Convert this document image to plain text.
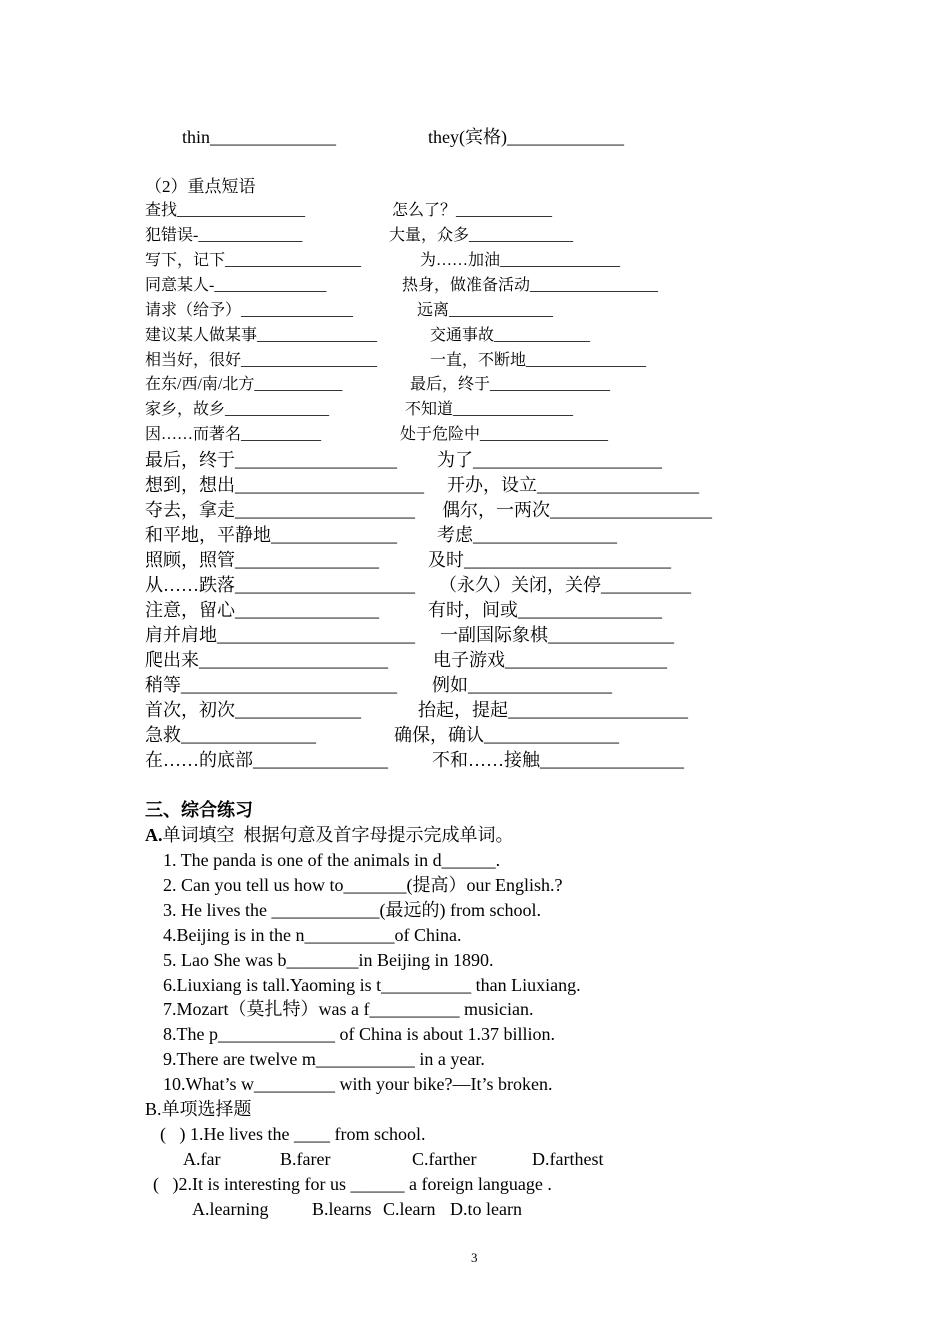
thin______________	they(宾格)_____________
（2）重点短语
查找________________	怎么了？____________
犯错误-_____________	大量，众多_____________
写下，记下_________________	为……加油_______________
同意某人-______________	热身，做准备活动________________
请求（给予）______________	远离_____________
建议某人做某事_______________	交通事故____________
相当好，很好_________________	一直，不断地_______________
在东/西/南/北方___________	最后，终于_______________
家乡，故乡_____________	不知道_______________
因……而著名__________	处于危险中________________
最后，终于__________________ 为了_____________________
想到，想出_____________________ 开办，设立__________________
夺去，拿走____________________ 偶尔，一两次__________________
和平地，平静地______________ 考虑________________
照顾，照管________________	及时_______________________
从……跌落____________________ （永久）关闭，关停__________
注意，留心________________	有时，间或________________
肩并肩地______________________ 一副国际象棋______________
爬出来_____________________	电子游戏__________________
稍等________________________ 例如________________
首次，初次______________	抬起，提起____________________
急救_______________	确保，确认_______________
在……的底部_______________ 不和……接触________________
三、综合练习
A.单词填空  根据句意及首字母提示完成单词。
1. The panda is one of the animals in d______.
2. Can you tell us how to_______(提高）our English.?
3. He lives the ____________(最远的) from school.
4.Beijing is in the n__________of China.
5. Lao She was b________in Beijing in 1890.
6.Liuxiang is tall.Yaoming is t__________ than Liuxiang.
7.Mozart（莫扎特）was a f__________ musician.
8.The p_____________ of China is about 1.37 billion.
9.There are twelve m___________ in a year.
10.What’s w_________ with your bike?—It’s broken.
B.单项选择题
(   ) 1.He lives the ____ from school.
A.far	B.farer	C.farther	D.farthest
(   )2.It is interesting for us ______ a foreign language .
A.learning B.learns C.learn D.to learn
3
